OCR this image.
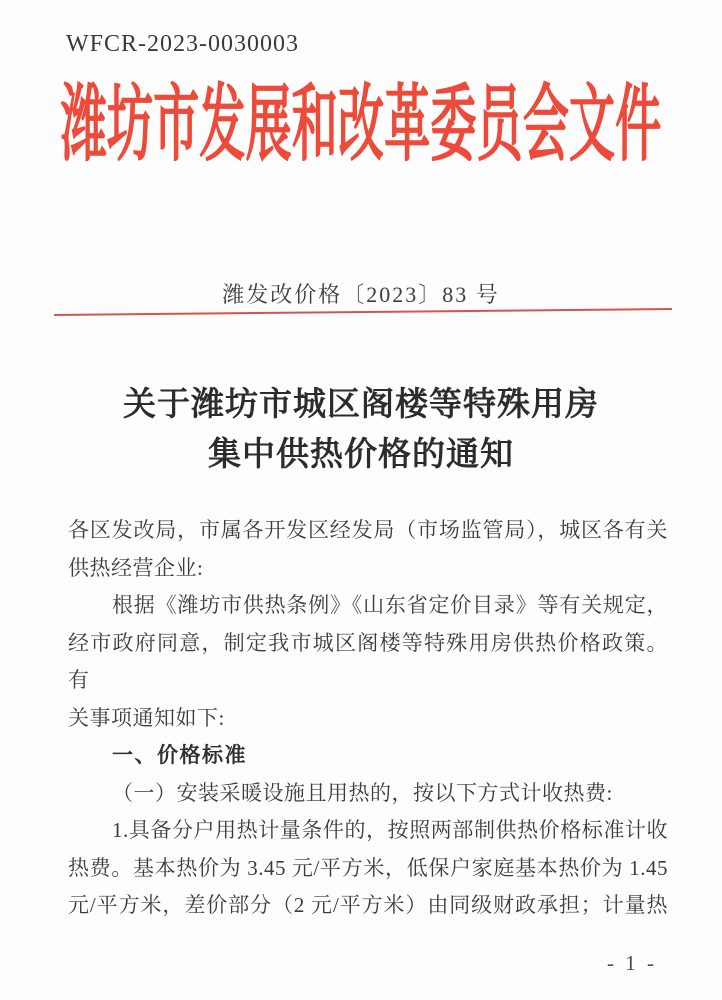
WFCR-2023-0030003
潍坊市发展和改革委员会文件
潍发改价格〔2023〕83 号
关于潍坊市城区阁楼等特殊用房
集中供热价格的通知
各区发改局，市属各开发区经发局（市场监管局），城区各有关
供热经营企业:
根据《潍坊市供热条例》《山东省定价目录》等有关规定，
经市政府同意，制定我市城区阁楼等特殊用房供热价格政策。有
关事项通知如下:
一、价格标准
（一）安装采暖设施且用热的，按以下方式计收热费:
1.具备分户用热计量条件的，按照两部制供热价格标准计收
热费。基本热价为 3.45 元/平方米，低保户家庭基本热价为 1.45
元/平方米，差价部分（2 元/平方米）由同级财政承担；计量热
- 1 -
